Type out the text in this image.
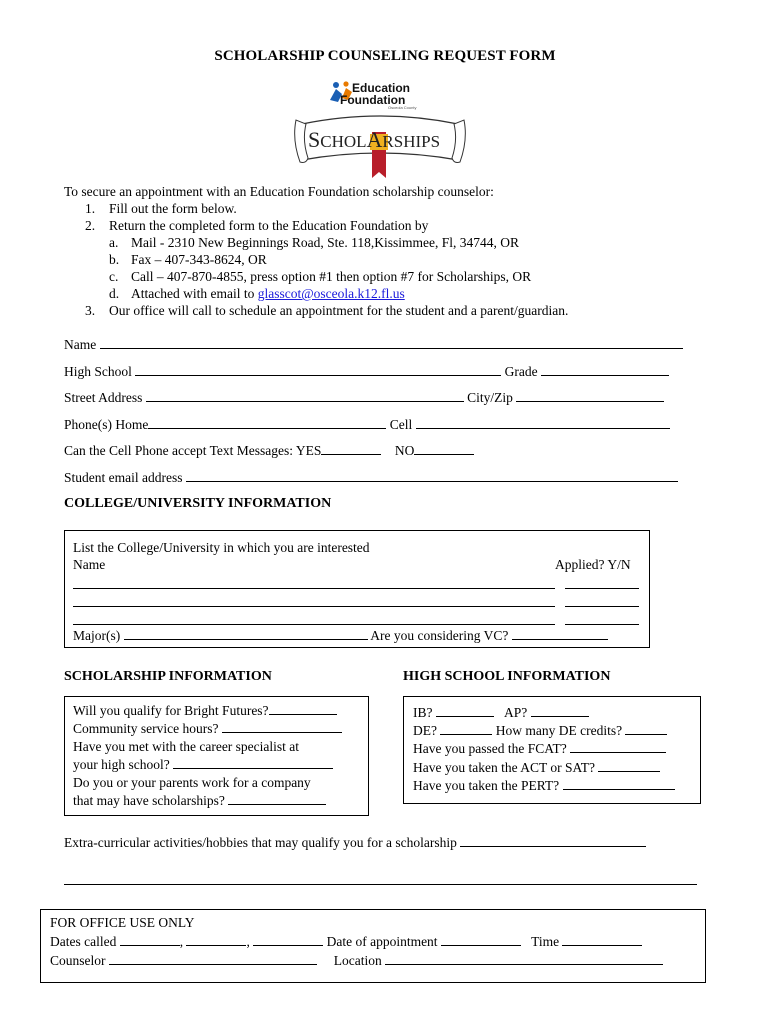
SCHOLARSHIP COUNSELING REQUEST FORM
Education
Foundation
Osceola County
SCHOLARSHIPS
To secure an appointment with an Education Foundation scholarship counselor:
1. Fill out the form below.
2. Return the completed form to the Education Foundation by
a. Mail - 2310 New Beginnings Road, Ste. 118,Kissimmee, Fl, 34744, OR
b. Fax – 407-343-8624, OR
c. Call – 407-870-4855, press option #1 then option #7 for Scholarships, OR
d. Attached with email to glasscot@osceola.k12.fl.us
3. Our office will call to schedule an appointment for the student and a parent/guardian.
Name
High School	Grade
Street Address	City/Zip
Phone(s) Home	Cell
Can the Cell Phone accept Text Messages: YES	NO
Student email address
COLLEGE/UNIVERSITY INFORMATION
List the College/University in which you are interested
Name	Applied? Y/N
Major(s)	Are you considering VC?
SCHOLARSHIP INFORMATION	HIGH SCHOOL INFORMATION
Will you qualify for Bright Futures?
Community service hours?
Have you met with the career specialist at
your high school?
Do you or your parents work for a company
that may have scholarships?
IB?	AP?
DE?	How many DE credits?
Have you passed the FCAT?
Have you taken the ACT or SAT?
Have you taken the PERT?
Extra-curricular activities/hobbies that may qualify you for a scholarship
FOR OFFICE USE ONLY
Dates called	,	,	Date of appointment	Time
Counselor	Location
